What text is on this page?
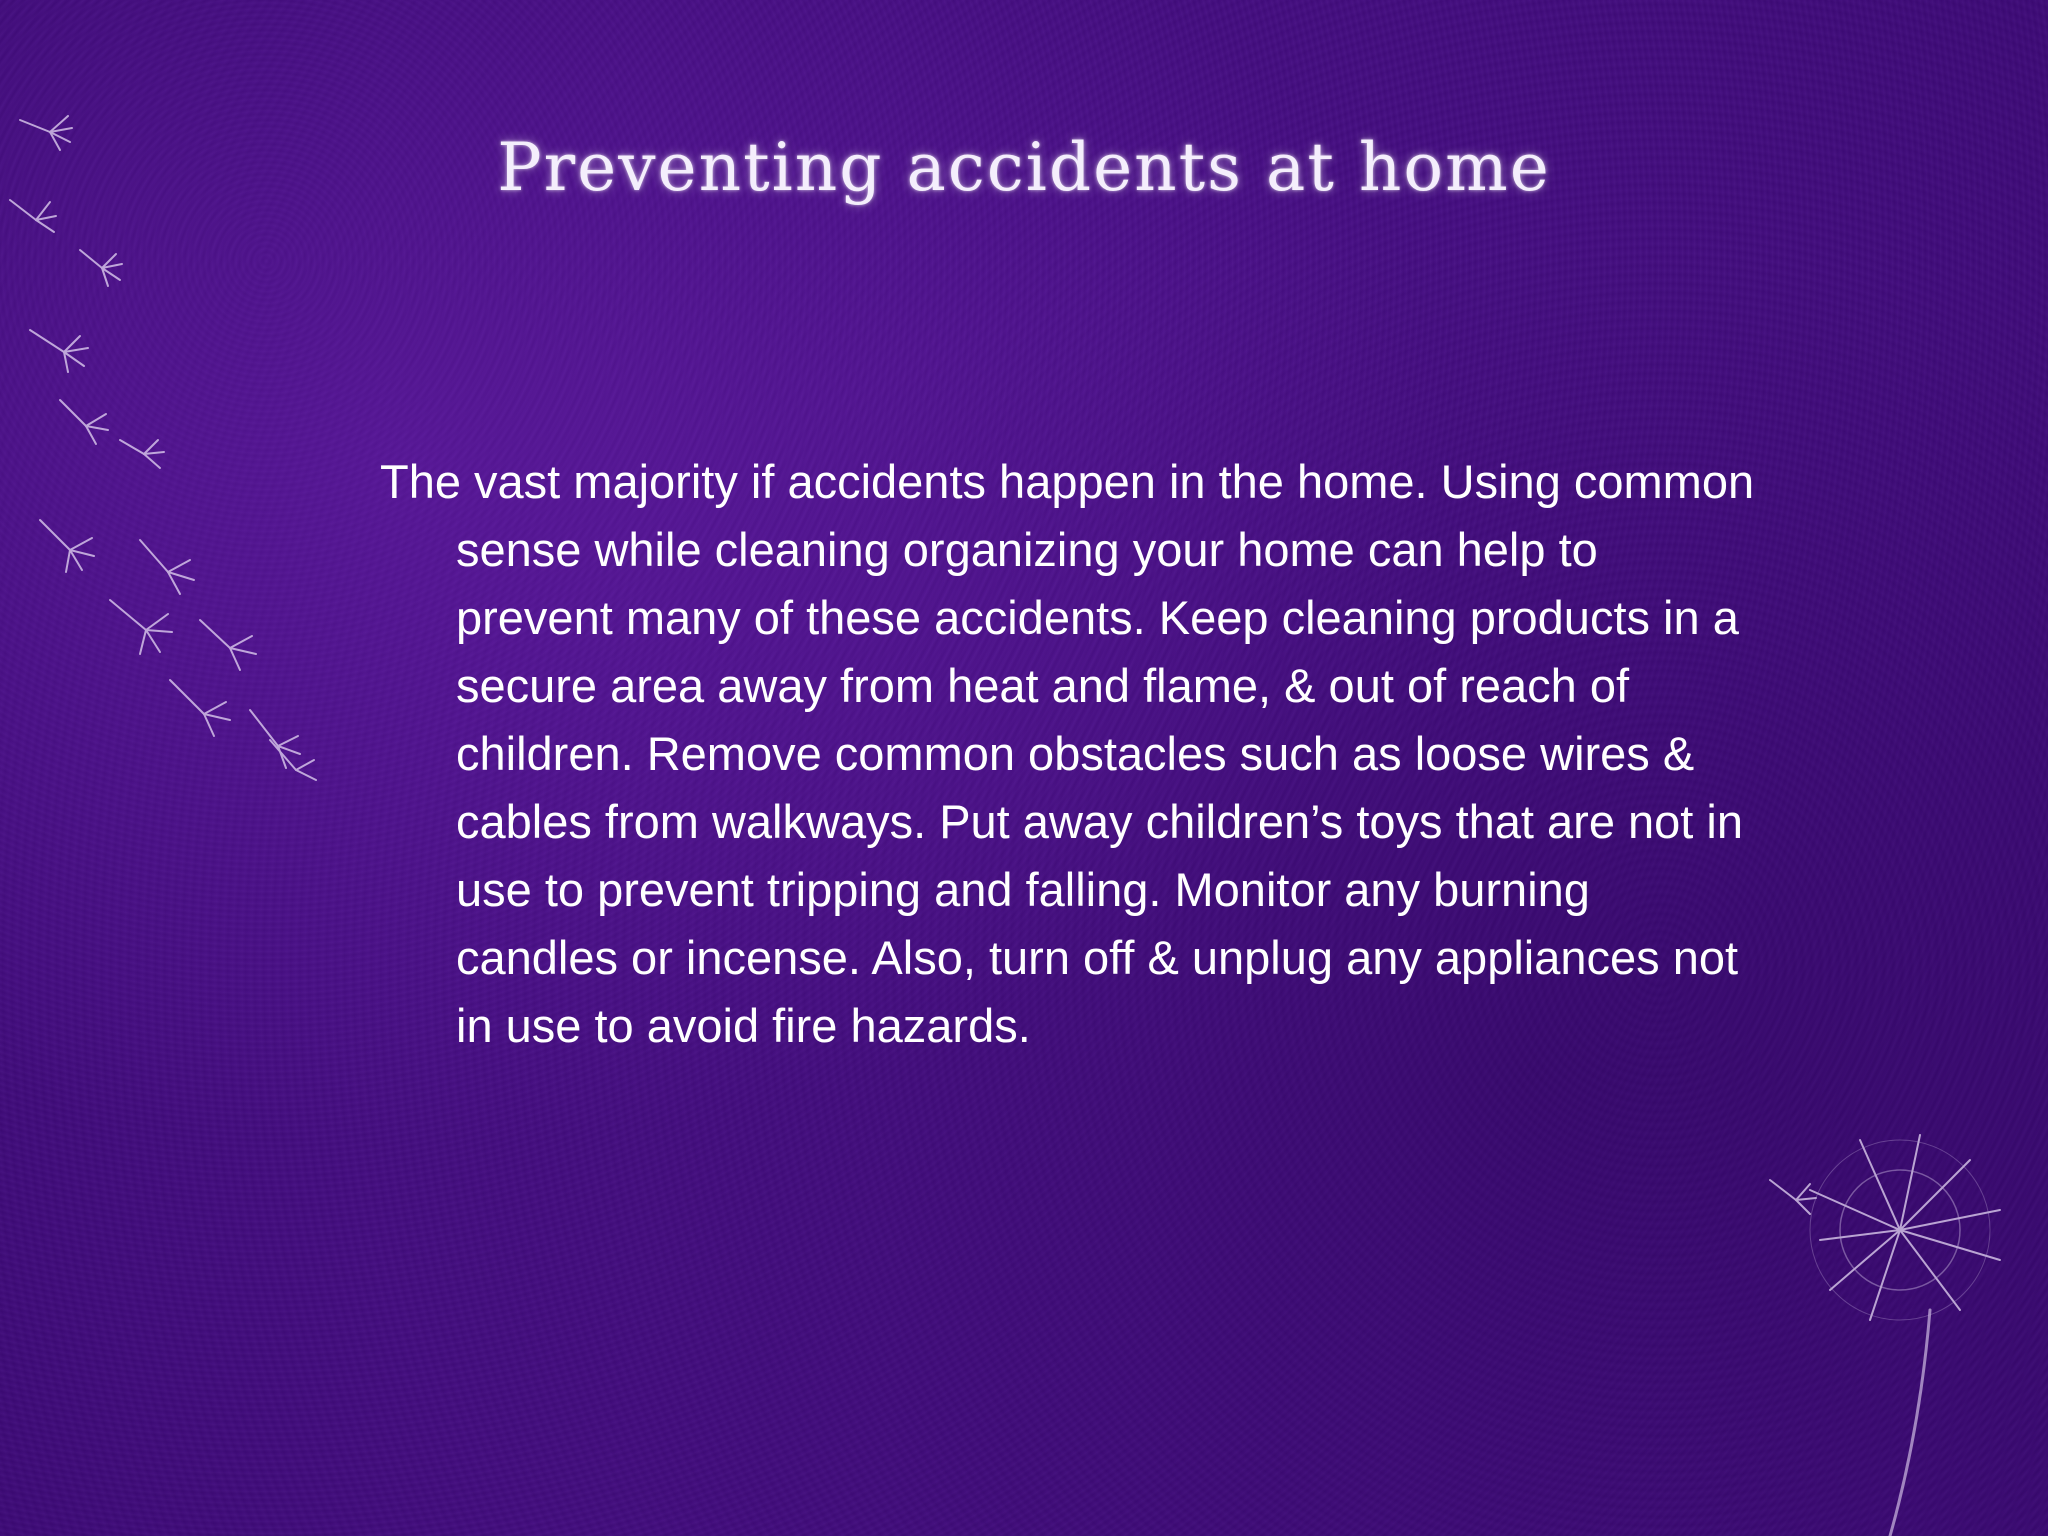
Preventing accidents at home

The vast majority if accidents happen in the home. Using common sense while cleaning organizing your home can help to prevent many of these accidents. Keep cleaning products in a secure area away from heat and flame, & out of reach of children. Remove common obstacles such as loose wires & cables from walkways. Put away children’s toys that are not in use to prevent tripping and falling. Monitor any burning candles or incense. Also, turn off & unplug any appliances not in use to avoid fire hazards.
